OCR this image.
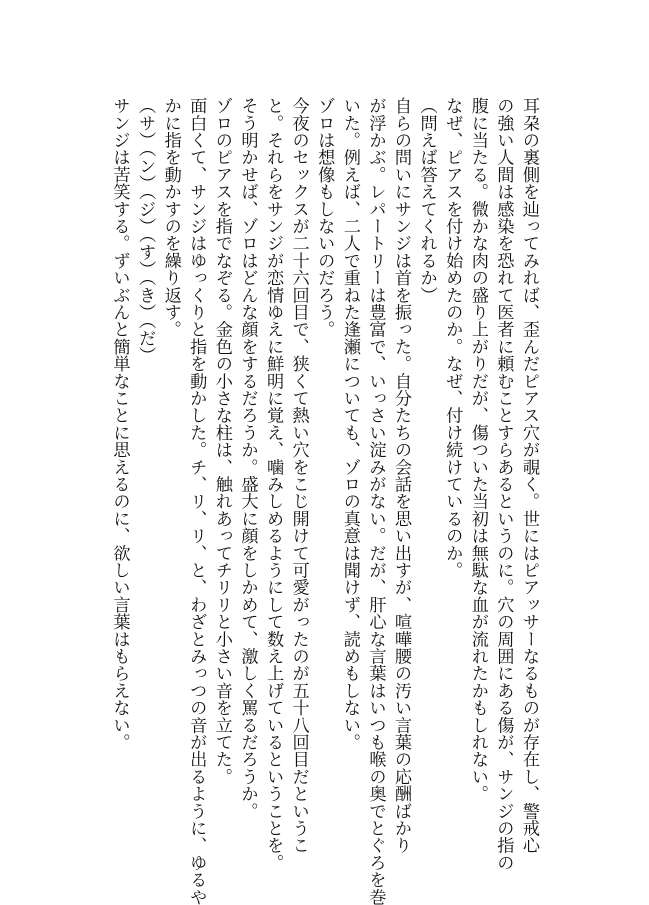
耳朶の裏側を辿ってみれば、歪んだピアス穴が覗く。世にはピアッサーなるものが存在し、警戒心
の強い人間は感染を恐れて医者に頼むことすらあるというのに。穴の周囲にある傷が、サンジの指の
腹に当たる。微かな肉の盛り上がりだが、傷ついた当初は無駄な血が流れたかもしれない。
なぜ、ピアスを付け始めたのか。なぜ、付け続けているのか。
（問えば答えてくれるか）
自らの問いにサンジは首を振った。自分たちの会話を思い出すが、喧嘩腰の汚い言葉の応酬ばかり
が浮かぶ。レパートリーは豊富で、いっさい淀みがない。だが、肝心な言葉はいつも喉の奥でとぐろを巻
いた。例えば、二人で重ねた逢瀬についても、ゾロの真意は聞けず、読めもしない。
ゾロは想像もしないのだろう。
今夜のセックスが二十六回目で、狭くて熱い穴をこじ開けて可愛がったのが五十八回目だというこ
と。それらをサンジが恋情ゆえに鮮明に覚え、噛みしめるようにして数え上げているということを。
そう明かせば、ゾロはどんな顔をするだろうか。盛大に顔をしかめて、激しく罵るだろうか。
ゾロのピアスを指でなぞる。金色の小さな柱は、触れあってチリリと小さい音を立てた。
面白くて、サンジはゆっくりと指を動かした。チ、リ、リ、と、わざとみっつの音が出るように、ゆるや
かに指を動かすのを繰り返す。
（サ）（ン）（ジ）（す）（き）（だ）
サンジは苦笑する。ずいぶんと簡単なことに思えるのに、欲しい言葉はもらえない。
